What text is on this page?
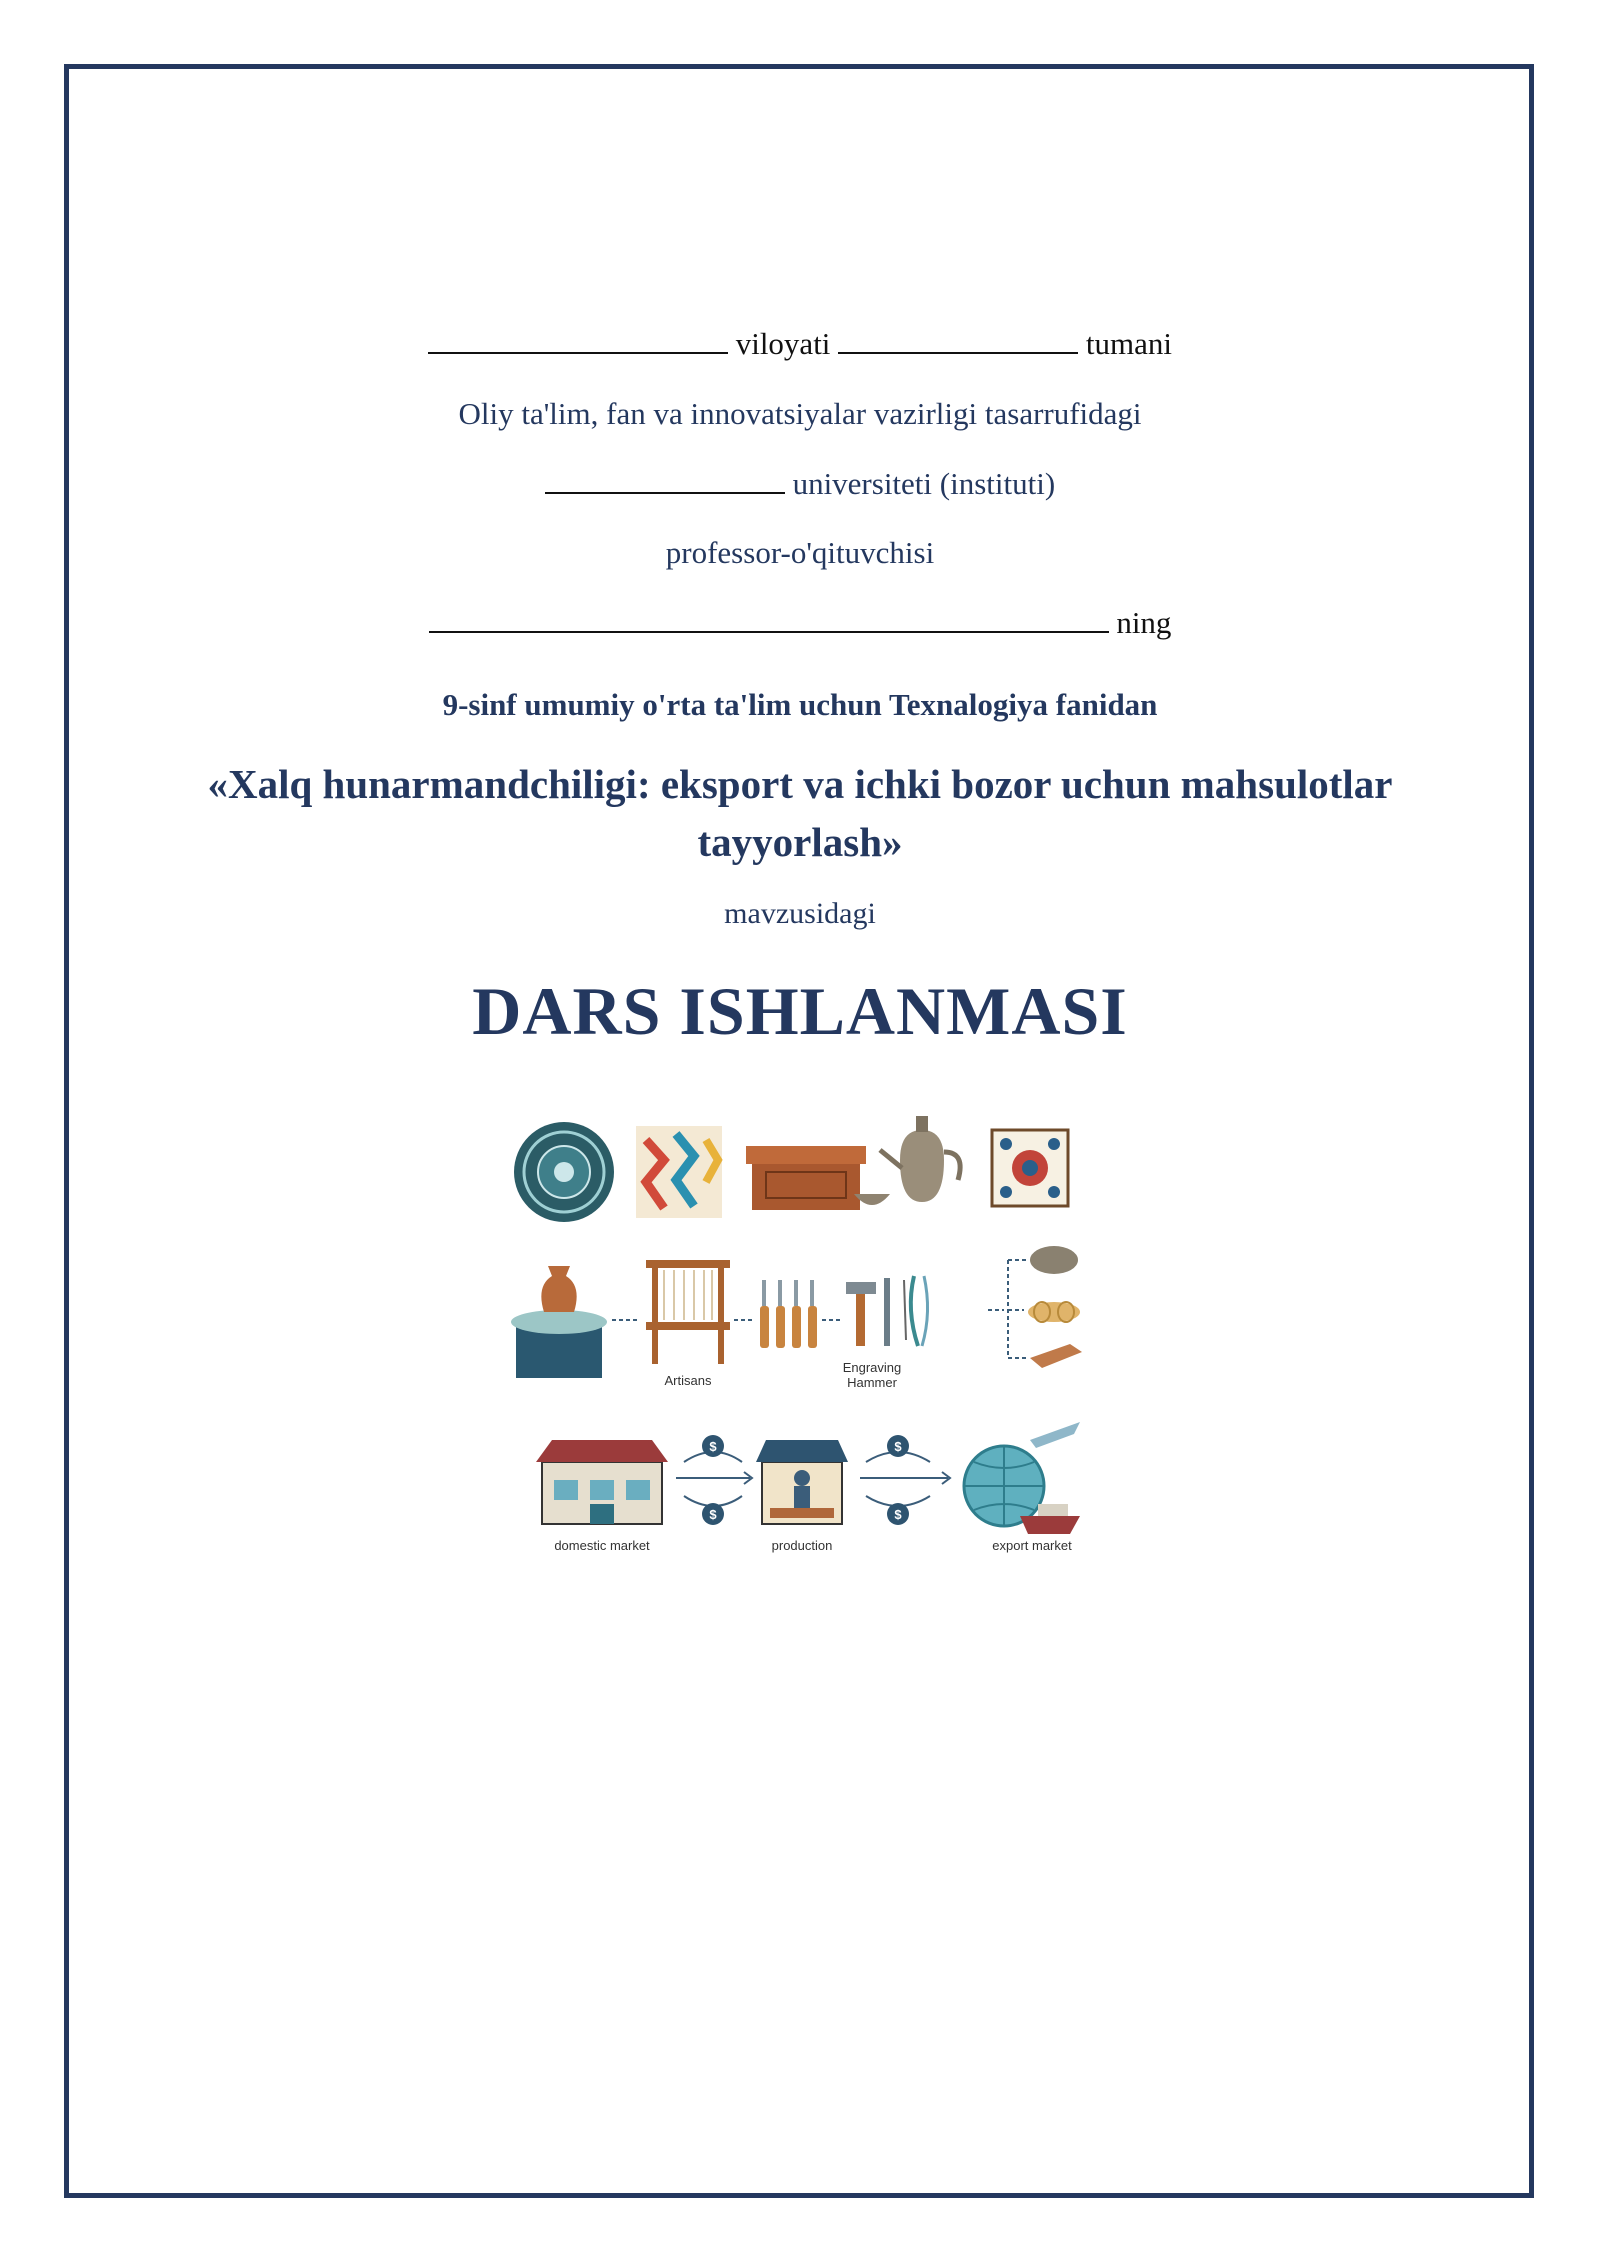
viloyati	tumani
Oliy ta'lim, fan va innovatsiyalar vazirligi tasarrufidagi
universiteti (instituti)
professor-o'qituvchisi
ning
9-sinf umumiy o'rta ta'lim uchun Texnalogiya fanidan
«Xalq hunarmandchiligi: eksport va ichki bozor uchun mahsulotlar tayyorlash»
mavzusidagi
DARS ISHLANMASI
Artisans
Engraving
Hammer
domestic market	production	export market
$
$
$
$
